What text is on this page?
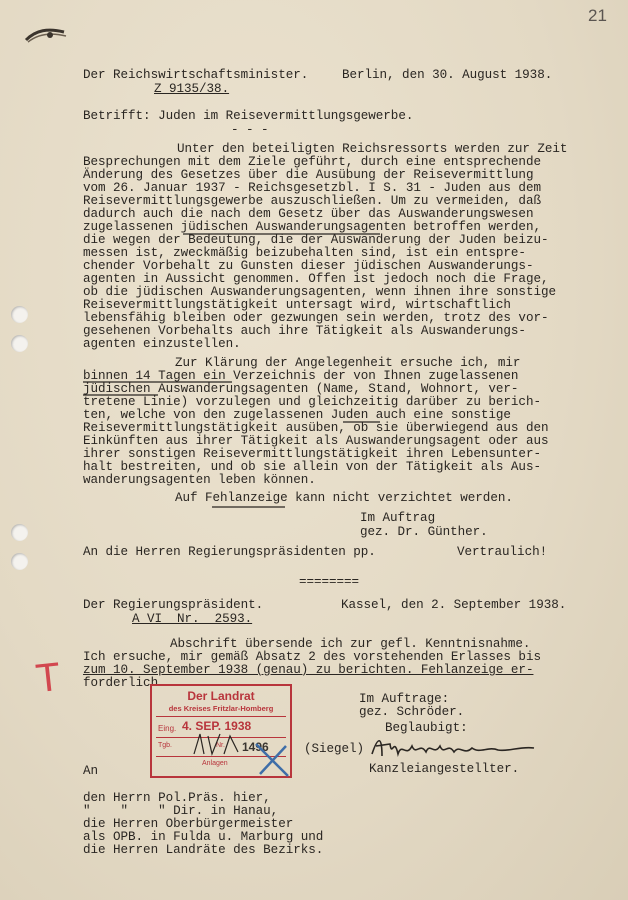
21
Der Reichswirtschaftsminister.	Berlin, den 30. August 1938.
Z 9135/38.
Betrifft: Juden im Reisevermittlungsgewerbe.
- - -
Unter den beteiligten Reichsressorts werden zur Zeit
Besprechungen mit dem Ziele geführt, durch eine entsprechende
Änderung des Gesetzes über die Ausübung der Reisevermittlung
vom 26. Januar 1937 - Reichsgesetzbl. I S. 31 - Juden aus dem
Reisevermittlungsgewerbe auszuschließen. Um zu vermeiden, daß
dadurch auch die nach dem Gesetz über das Auswanderungswesen
zugelassenen jüdischen Auswanderungsagenten betroffen werden,
die wegen der Bedeutung, die der Auswanderung der Juden beizu-
messen ist, zweckmäßig beizubehalten sind, ist ein entspre-
chender Vorbehalt zu Gunsten dieser jüdischen Auswanderungs-
agenten in Aussicht genommen. Offen ist jedoch noch die Frage,
ob die jüdischen Auswanderungsagenten, wenn ihnen ihre sonstige
Reisevermittlungstätigkeit untersagt wird, wirtschaftlich
lebensfähig bleiben oder gezwungen sein werden, trotz des vor-
gesehenen Vorbehalts auch ihre Tätigkeit als Auswanderungs-
agenten einzustellen.
Zur Klärung der Angelegenheit ersuche ich, mir
binnen 14 Tagen ein Verzeichnis der von Ihnen zugelassenen
jüdischen Auswanderungsagenten (Name, Stand, Wohnort, ver-
tretene Linie) vorzulegen und gleichzeitig darüber zu berich-
ten, welche von den zugelassenen Juden auch eine sonstige
Reisevermittlungstätigkeit ausüben, ob sie überwiegend aus den
Einkünften aus ihrer Tätigkeit als Auswanderungsagent oder aus
ihrer sonstigen Reisevermittlungstätigkeit ihren Lebensunter-
halt bestreiten, und ob sie allein von der Tätigkeit als Aus-
wanderungsagenten leben können.
Auf Fehlanzeige kann nicht verzichtet werden.
Im Auftrag
gez. Dr. Günther.
An die Herren Regierungspräsidenten pp.	Vertraulich!
========
Der Regierungspräsident.	Kassel, den 2. September 1938.
A VI  Nr.  2593.
Abschrift übersende ich zur gefl. Kenntnisnahme.
Ich ersuche, mir gemäß Absatz 2 des vorstehenden Erlasses bis
zum 10. September 1938 (genau) zu berichten. Fehlanzeige er-
forderlich.
Im Auftrage:
gez. Schröder.
Beglaubigt:
(Siegel)
Kanzleiangestellter.
Der Landrat
des Kreises Fritzlar-Homberg
Eing. 4. SEP. 1938
Tgb.	Nr. 1496
Anlagen
T
An
den Herrn Pol.Präs. hier,
"    "    " Dir. in Hanau,
die Herren Oberbürgermeister
als OPB. in Fulda u. Marburg und
die Herren Landräte des Bezirks.
